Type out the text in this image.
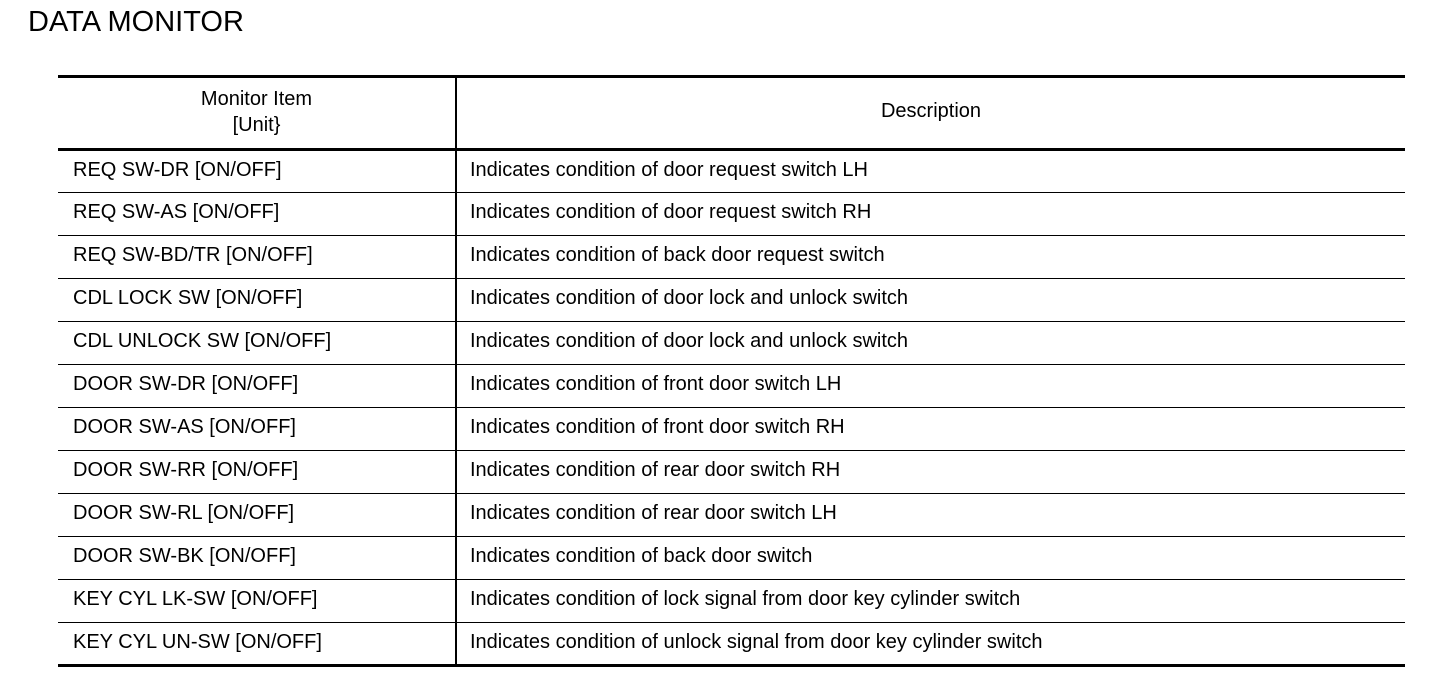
DATA MONITOR
Monitor Item
[Unit}	Description
REQ SW-DR [ON/OFF]	Indicates condition of door request switch LH
REQ SW-AS [ON/OFF]	Indicates condition of door request switch RH
REQ SW-BD/TR [ON/OFF]	Indicates condition of back door request switch
CDL LOCK SW [ON/OFF]	Indicates condition of door lock and unlock switch
CDL UNLOCK SW [ON/OFF]	Indicates condition of door lock and unlock switch
DOOR SW-DR [ON/OFF]	Indicates condition of front door switch LH
DOOR SW-AS [ON/OFF]	Indicates condition of front door switch RH
DOOR SW-RR [ON/OFF]	Indicates condition of rear door switch RH
DOOR SW-RL [ON/OFF]	Indicates condition of rear door switch LH
DOOR SW-BK [ON/OFF]	Indicates condition of back door switch
KEY CYL LK-SW [ON/OFF]	Indicates condition of lock signal from door key cylinder switch
KEY CYL UN-SW [ON/OFF]	Indicates condition of unlock signal from door key cylinder switch
